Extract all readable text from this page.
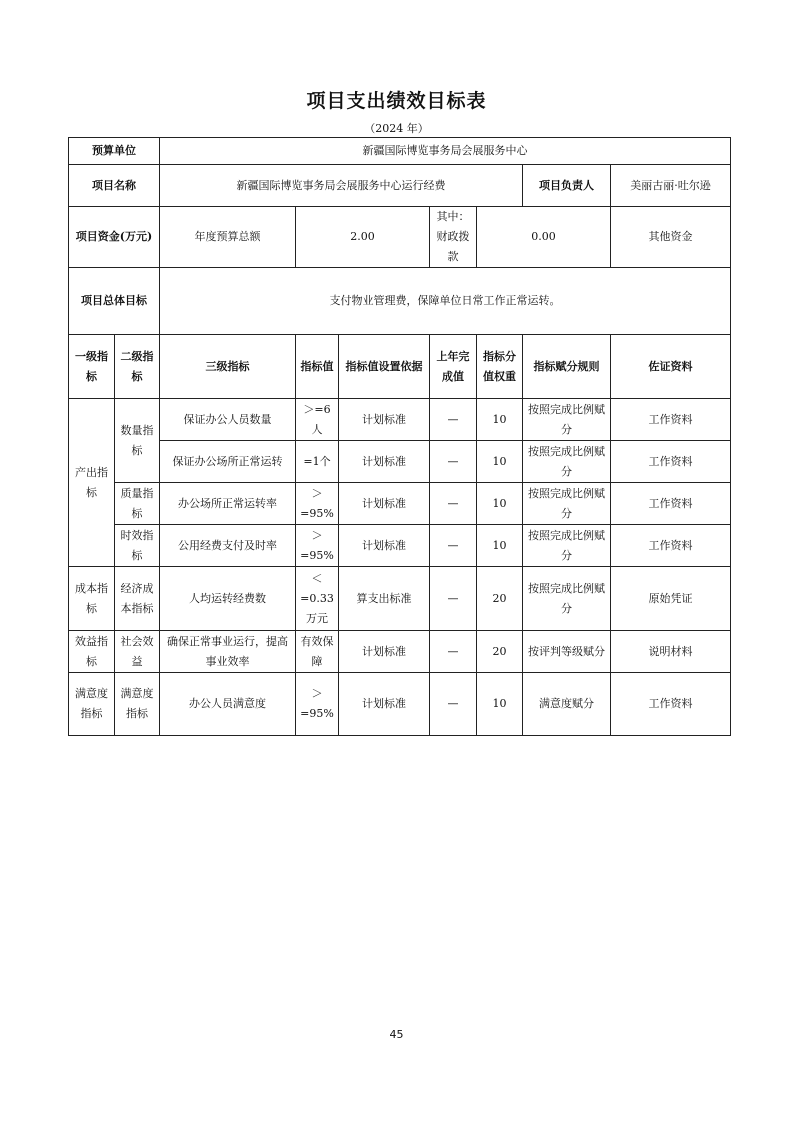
项目支出绩效目标表
（2024 年）
预算单位		新疆国际博览事务局会展服务中心							
项目名称		新疆国际博览事务局会展服务中心运行经费					项目负责人	美丽古丽·吐尔逊	
项目资金(万元)		年度预算总额	2.00		其中：财政拨款	0.00		其他资金	
项目总体目标		支付物业管理费，保障单位日常工作正常运转。							
一级指标	二级指标	三级指标	指标值	指标值设置依据	上年完成值	指标分值权重	指标赋分规则	佐证资料	
产出指标	数量指标	保证办公人员数量	＞=6人	计划标准	—	10	按照完成比例赋分	工作资料	
		保证办公场所正常运转	=1个	计划标准	—	10	按照完成比例赋分	工作资料	
	质量指标	办公场所正常运转率	＞=95%	计划标准	—	10	按照完成比例赋分	工作资料	
	时效指标	公用经费支付及时率	＞=95%	计划标准	—	10	按照完成比例赋分	工作资料	
成本指标	经济成本指标	人均运转经费数	＜=0.33万元	算支出标准	—	20	按照完成比例赋分	原始凭证	
效益指标	社会效益	确保正常事业运行，提高事业效率	有效保障	计划标准	—	20	按评判等级赋分	说明材料	
满意度指标	满意度指标	办公人员满意度	＞=95%	计划标准	—	10	满意度赋分	工作资料	
45
